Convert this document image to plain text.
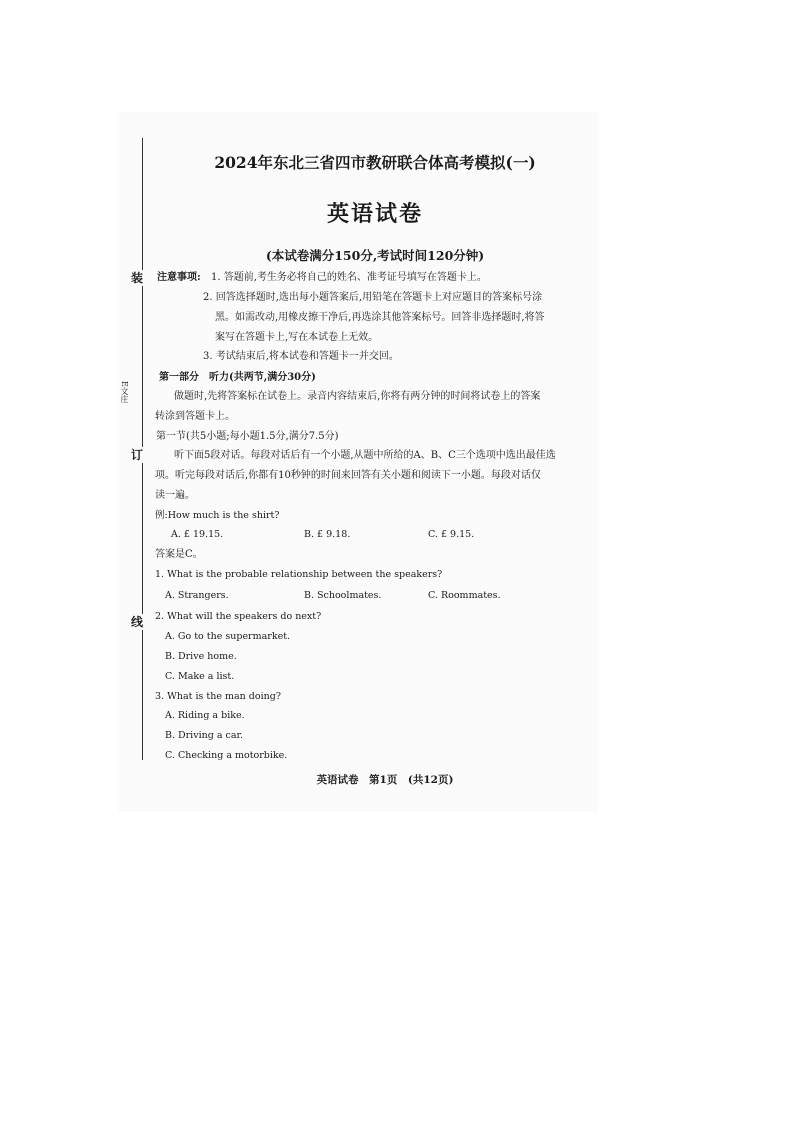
装
订
线
E文庄
2024年东北三省四市教研联合体高考模拟(一)
英语试卷
(本试卷满分150分,考试时间120分钟)
注意事项: 1. 答题前,考生务必将自己的姓名、准考证号填写在答题卡上。
2. 回答选择题时,选出每小题答案后,用铅笔在答题卡上对应题目的答案标号涂
黑。如需改动,用橡皮擦干净后,再选涂其他答案标号。回答非选择题时,将答
案写在答题卡上,写在本试卷上无效。
3. 考试结束后,将本试卷和答题卡一并交回。
第一部分　听力(共两节,满分30分)
做题时,先将答案标在试卷上。录音内容结束后,你将有两分钟的时间将试卷上的答案
转涂到答题卡上。
第一节(共5小题;每小题1.5分,满分7.5分)
听下面5段对话。每段对话后有一个小题,从题中所给的A、B、C三个选项中选出最佳选
项。听完每段对话后,你都有10秒钟的时间来回答有关小题和阅读下一小题。每段对话仅
读一遍。
例:How much is the shirt?
A. £ 19.15.	B. £ 9.18.	C. £ 9.15.
答案是C。
1. What is the probable relationship between the speakers?
A. Strangers.	B. Schoolmates.	C. Roommates.
2. What will the speakers do next?
A. Go to the supermarket.
B. Drive home.
C. Make a list.
3. What is the man doing?
A. Riding a bike.
B. Driving a car.
C. Checking a motorbike.
英语试卷　第1页　(共12页)
